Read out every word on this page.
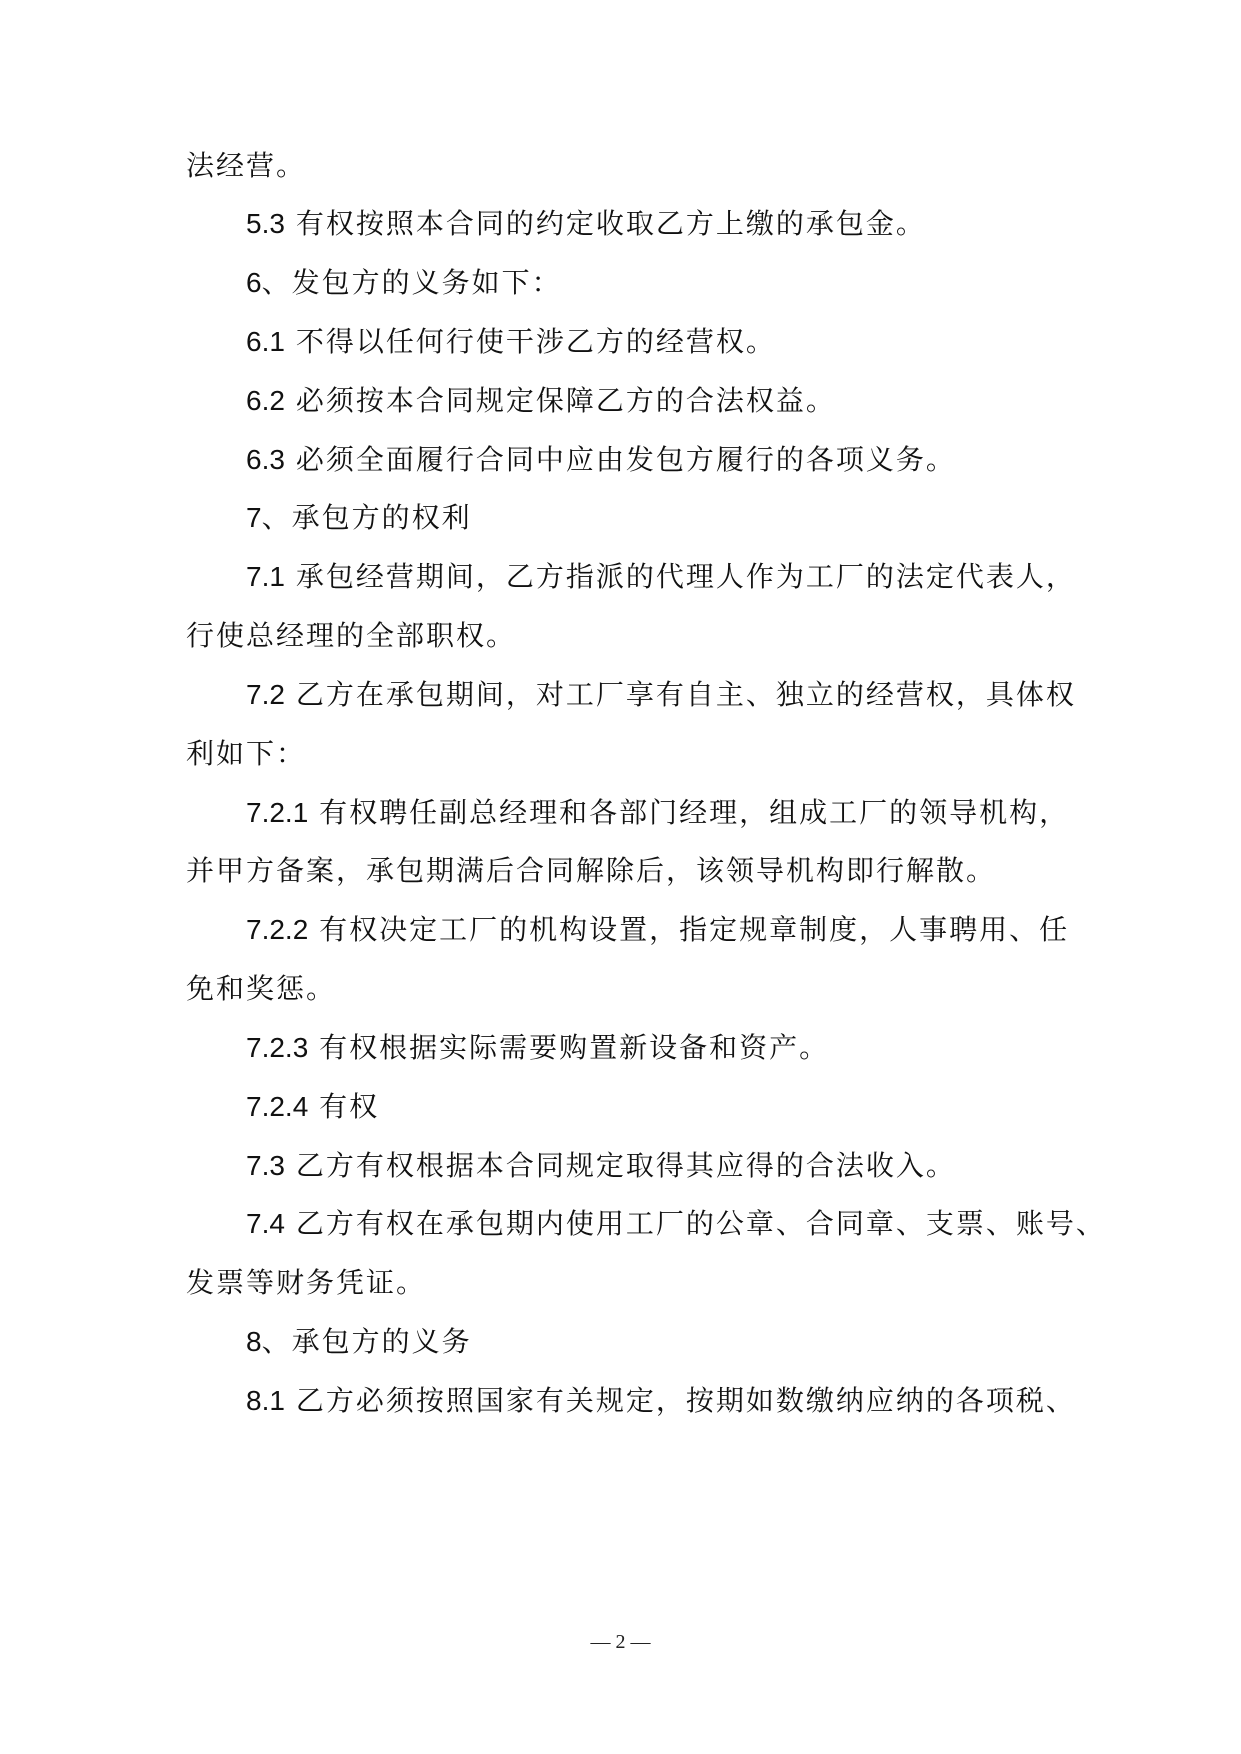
法经营。
5.3 有权按照本合同的约定收取乙方上缴的承包金。
6、发包方的义务如下：
6.1 不得以任何行使干涉乙方的经营权。
6.2 必须按本合同规定保障乙方的合法权益。
6.3 必须全面履行合同中应由发包方履行的各项义务。
7、承包方的权利
7.1 承包经营期间，乙方指派的代理人作为工厂的法定代表人，
行使总经理的全部职权。
7.2 乙方在承包期间，对工厂享有自主、独立的经营权，具体权
利如下：
7.2.1 有权聘任副总经理和各部门经理，组成工厂的领导机构，
并甲方备案，承包期满后合同解除后，该领导机构即行解散。
7.2.2 有权决定工厂的机构设置，指定规章制度，人事聘用、任
免和奖惩。
7.2.3 有权根据实际需要购置新设备和资产。
7.2.4 有权
7.3 乙方有权根据本合同规定取得其应得的合法收入。
7.4 乙方有权在承包期内使用工厂的公章、合同章、支票、账号、
发票等财务凭证。
8、承包方的义务
8.1 乙方必须按照国家有关规定，按期如数缴纳应纳的各项税、
— 2 —
